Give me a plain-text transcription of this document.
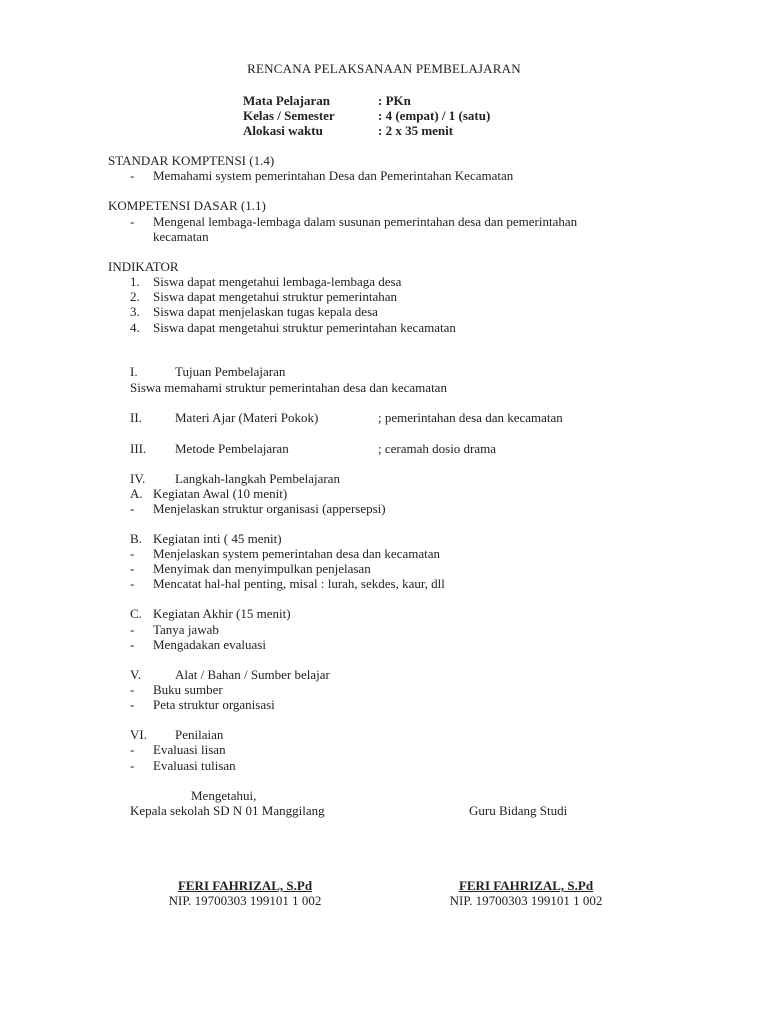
RENCANA PELAKSANAAN PEMBELAJARAN
Mata Pelajaran	: PKn
Kelas / Semester	: 4 (empat) / 1 (satu)
Alokasi waktu	: 2 x 35 menit
STANDAR KOMPTENSI (1.4)
- Memahami system pemerintahan Desa dan Pemerintahan Kecamatan
KOMPETENSI DASAR (1.1)
- Mengenal lembaga-lembaga dalam susunan pemerintahan desa dan pemerintahan
kecamatan
INDIKATOR
1. Siswa dapat mengetahui lembaga-lembaga desa
2. Siswa dapat mengetahui struktur pemerintahan
3. Siswa dapat menjelaskan tugas kepala desa
4. Siswa dapat mengetahui struktur pemerintahan kecamatan
I.	Tujuan Pembelajaran
Siswa memahami struktur pemerintahan desa dan kecamatan
II.	Materi Ajar (Materi Pokok)	; pemerintahan desa dan kecamatan
III. Metode Pembelajaran	; ceramah dosio drama
IV. Langkah-langkah Pembelajaran
A. Kegiatan Awal (10 menit)
- Menjelaskan struktur organisasi (appersepsi)
B. Kegiatan inti ( 45 menit)
- Menjelaskan system pemerintahan desa dan kecamatan
- Menyimak dan menyimpulkan penjelasan
- Mencatat hal-hal penting, misal : lurah, sekdes, kaur, dll
C. Kegiatan Akhir (15 menit)
- Tanya jawab
- Mengadakan evaluasi
V.	Alat / Bahan / Sumber belajar
- Buku sumber
- Peta struktur organisasi
VI. Penilaian
- Evaluasi lisan
- Evaluasi tulisan
Mengetahui,
Kepala sekolah SD N 01 Manggilang	Guru Bidang Studi
FERI FAHRIZAL, S.Pd
NIP. 19700303 199101 1 002
FERI FAHRIZAL, S.Pd
NIP. 19700303 199101 1 002
